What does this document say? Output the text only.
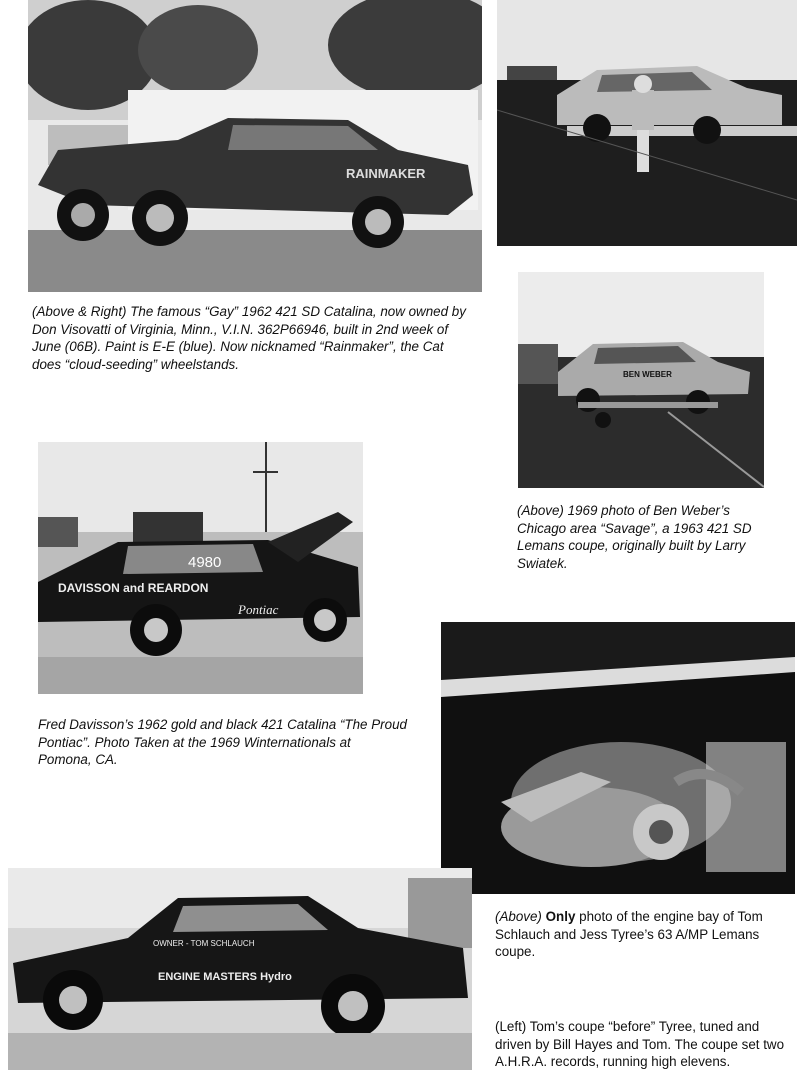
RAINMAKER

(Above & Right) The famous “Gay” 1962 421 SD Catalina, now owned by Don Visovatti of Virginia, Minn., V.I.N. 362P66946, built in 2nd week of June (06B). Paint is E-E (blue). Now nicknamed “Rainmaker”, the Cat does “cloud-seeding” wheelstands.

BEN WEBER

(Above) 1969 photo of Ben Weber’s Chicago area “Savage”, a 1963 421 SD Lemans coupe, originally built by Larry Swiatek.

4980
DAVISSON and REARDON
Pontiac

Fred Davisson’s 1962 gold and black 421 Catalina “The Proud Pontiac”. Photo Taken at the 1969 Winternationals at Pomona, CA.

(Above) Only photo of the engine bay of Tom Schlauch and Jess Tyree’s 63 A/MP Lemans coupe.

OWNER - TOM SCHLAUCH
ENGINE MASTERS Hydro

(Left) Tom’s coupe “before” Tyree, tuned and driven by Bill Hayes and Tom. The coupe set two A.H.R.A. records, running high elevens.
